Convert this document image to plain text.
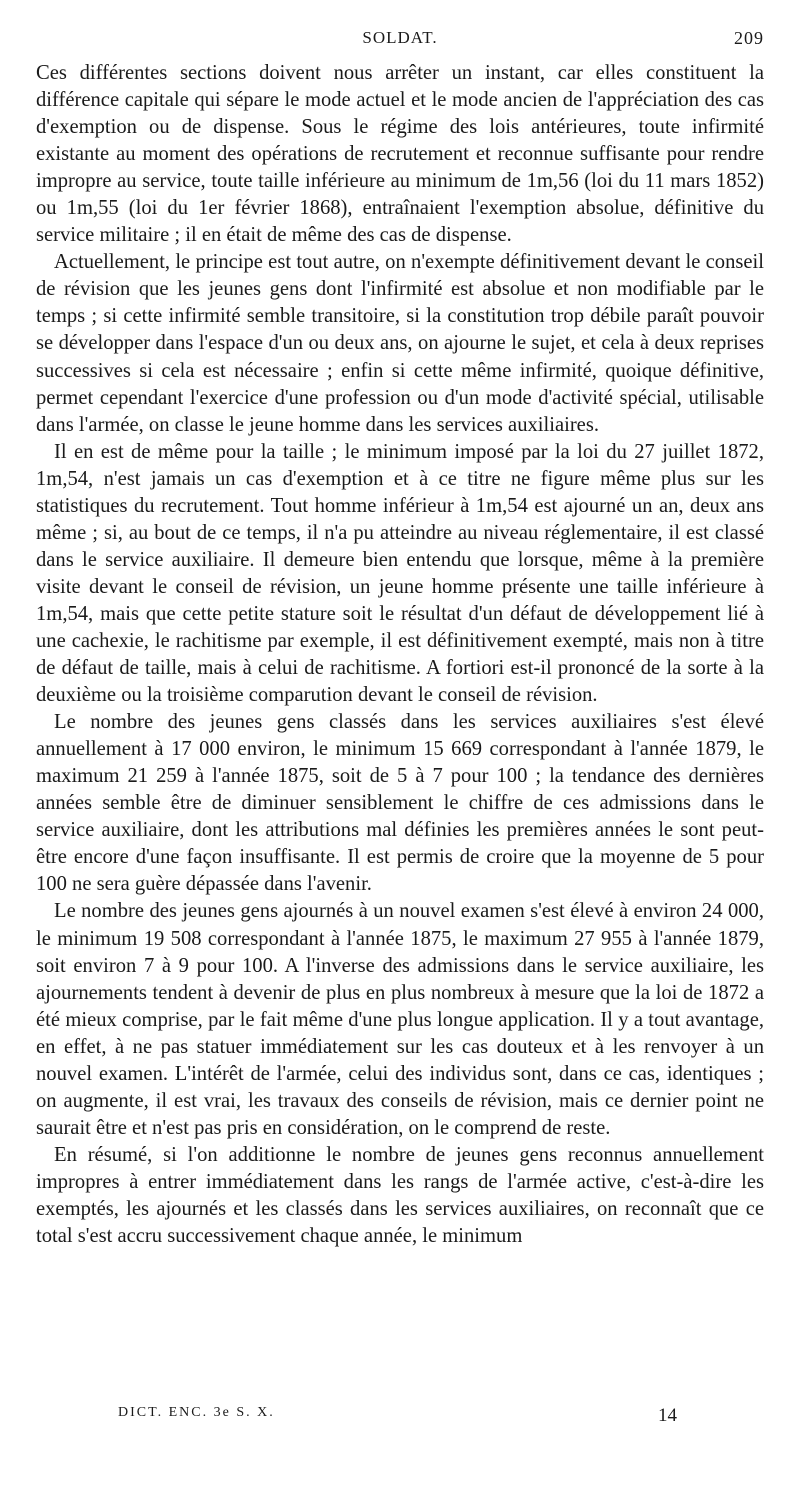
SOLDAT.	209

Ces différentes sections doivent nous arrêter un instant, car elles constituent la différence capitale qui sépare le mode actuel et le mode ancien de l'appréciation des cas d'exemption ou de dispense. Sous le régime des lois antérieures, toute infirmité existante au moment des opérations de recrutement et reconnue suffisante pour rendre impropre au service, toute taille inférieure au minimum de 1m,56 (loi du 11 mars 1852) ou 1m,55 (loi du 1er février 1868), entraînaient l'exemption absolue, définitive du service militaire ; il en était de même des cas de dispense.

Actuellement, le principe est tout autre, on n'exempte définitivement devant le conseil de révision que les jeunes gens dont l'infirmité est absolue et non modifiable par le temps ; si cette infirmité semble transitoire, si la constitution trop débile paraît pouvoir se développer dans l'espace d'un ou deux ans, on ajourne le sujet, et cela à deux reprises successives si cela est nécessaire ; enfin si cette même infirmité, quoique définitive, permet cependant l'exercice d'une profession ou d'un mode d'activité spécial, utilisable dans l'armée, on classe le jeune homme dans les services auxiliaires.

Il en est de même pour la taille ; le minimum imposé par la loi du 27 juillet 1872, 1m,54, n'est jamais un cas d'exemption et à ce titre ne figure même plus sur les statistiques du recrutement. Tout homme inférieur à 1m,54 est ajourné un an, deux ans même ; si, au bout de ce temps, il n'a pu atteindre au niveau réglementaire, il est classé dans le service auxiliaire. Il demeure bien entendu que lorsque, même à la première visite devant le conseil de révision, un jeune homme présente une taille inférieure à 1m,54, mais que cette petite stature soit le résultat d'un défaut de développement lié à une cachexie, le rachitisme par exemple, il est définitivement exempté, mais non à titre de défaut de taille, mais à celui de rachitisme. A fortiori est-il prononcé de la sorte à la deuxième ou la troisième comparution devant le conseil de révision.

Le nombre des jeunes gens classés dans les services auxiliaires s'est élevé annuellement à 17 000 environ, le minimum 15 669 correspondant à l'année 1879, le maximum 21 259 à l'année 1875, soit de 5 à 7 pour 100 ; la tendance des dernières années semble être de diminuer sensiblement le chiffre de ces admissions dans le service auxiliaire, dont les attributions mal définies les premières années le sont peut-être encore d'une façon insuffisante. Il est permis de croire que la moyenne de 5 pour 100 ne sera guère dépassée dans l'avenir.

Le nombre des jeunes gens ajournés à un nouvel examen s'est élevé à environ 24 000, le minimum 19 508 correspondant à l'année 1875, le maximum 27 955 à l'année 1879, soit environ 7 à 9 pour 100. A l'inverse des admissions dans le service auxiliaire, les ajournements tendent à devenir de plus en plus nombreux à mesure que la loi de 1872 a été mieux comprise, par le fait même d'une plus longue application. Il y a tout avantage, en effet, à ne pas statuer immédiatement sur les cas douteux et à les renvoyer à un nouvel examen. L'intérêt de l'armée, celui des individus sont, dans ce cas, identiques ; on augmente, il est vrai, les travaux des conseils de révision, mais ce dernier point ne saurait être et n'est pas pris en considération, on le comprend de reste.

En résumé, si l'on additionne le nombre de jeunes gens reconnus annuellement impropres à entrer immédiatement dans les rangs de l'armée active, c'est-à-dire les exemptés, les ajournés et les classés dans les services auxiliaires, on reconnaît que ce total s'est accru successivement chaque année, le minimum

DICT. ENC. 3e S. X.	14
